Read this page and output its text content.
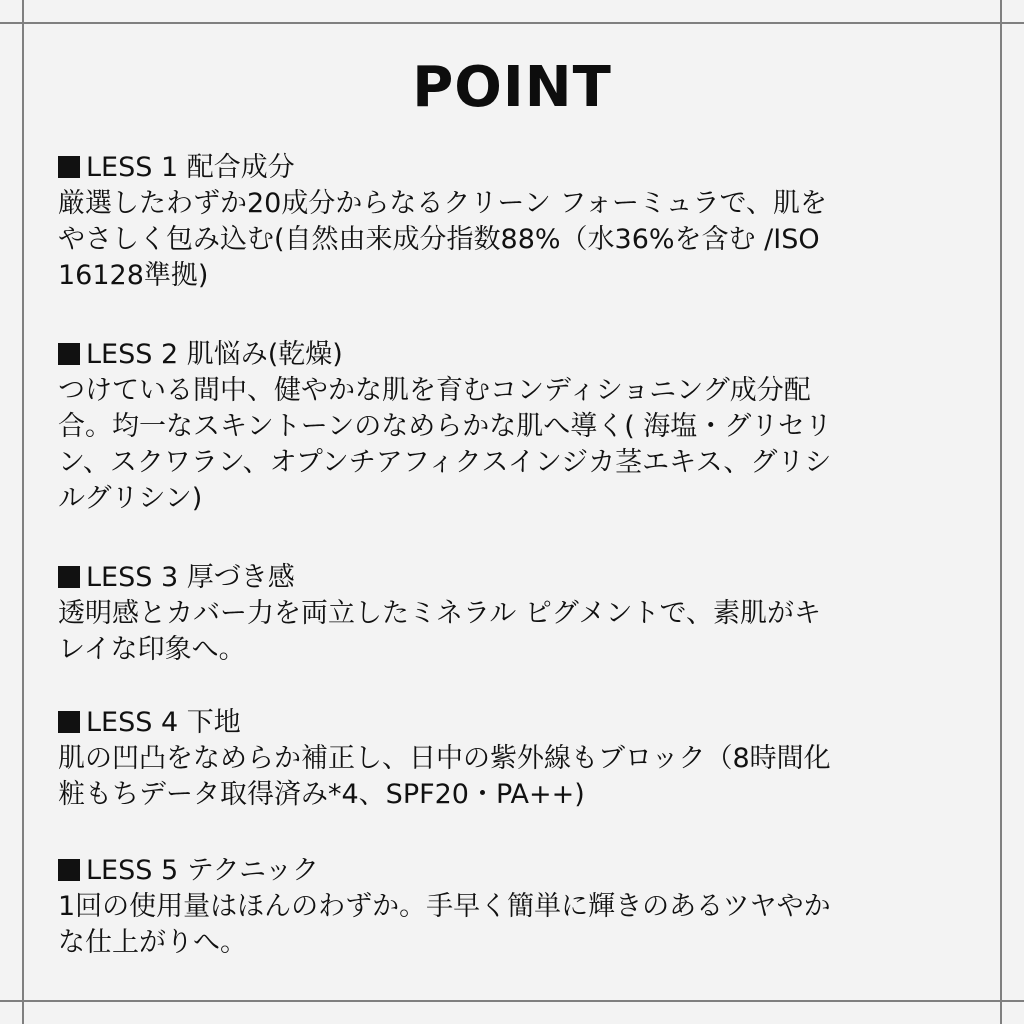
POINT

LESS 1 配合成分

厳選したわずか20成分からなるクリーン フォーミュラで、肌を
やさしく包み込む(自然由来成分指数88%（水36%を含む /ISO
16128準拠)

LESS 2 肌悩み(乾燥)

つけている間中、健やかな肌を育むコンディショニング成分配
合。均一なスキントーンのなめらかな肌へ導く( 海塩・グリセリ
ン、スクワラン、オプンチアフィクスインジカ茎エキス、グリシ
ルグリシン)

LESS 3 厚づき感

透明感とカバー力を両立したミネラル ピグメントで、素肌がキ
レイな印象へ。

LESS 4 下地

肌の凹凸をなめらか補正し、日中の紫外線もブロック（8時間化
粧もちデータ取得済み*4、SPF20・PA++)

LESS 5 テクニック

1回の使用量はほんのわずか。手早く簡単に輝きのあるツヤやか
な仕上がりへ。
